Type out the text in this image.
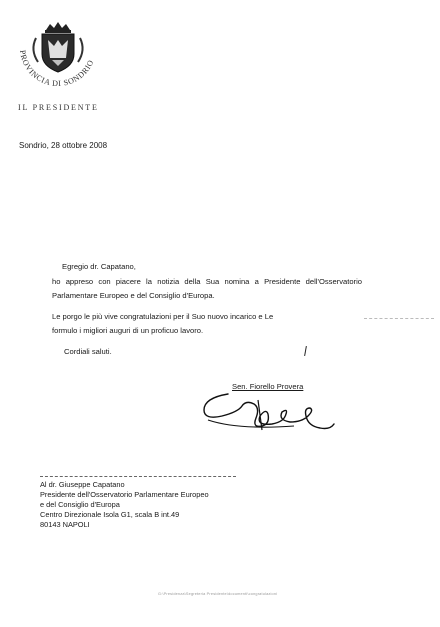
PROVINCIA DI SONDRIO
IL PRESIDENTE
Sondrio, 28 ottobre 2008
Egregio dr. Capatano,
ho appreso con piacere la notizia della Sua nomina a Presidente dell'Osservatorio Parlamentare Europeo e del Consiglio d'Europa.
Le porgo le più vive congratulazioni per il Suo nuovo incarico e Le
formulo i migliori auguri di un proficuo lavoro.
Cordiali saluti.
Sen. Fiorello Provera
Al dr. Giuseppe Capatano
Presidente dell'Osservatorio Parlamentare Europeo
e del Consiglio d'Europa
Centro Direzionale Isola G1, scala B int.49
80143 NAPOLI
G:\Presidenza\Segreteria Presidente\documenti\congratulazioni
